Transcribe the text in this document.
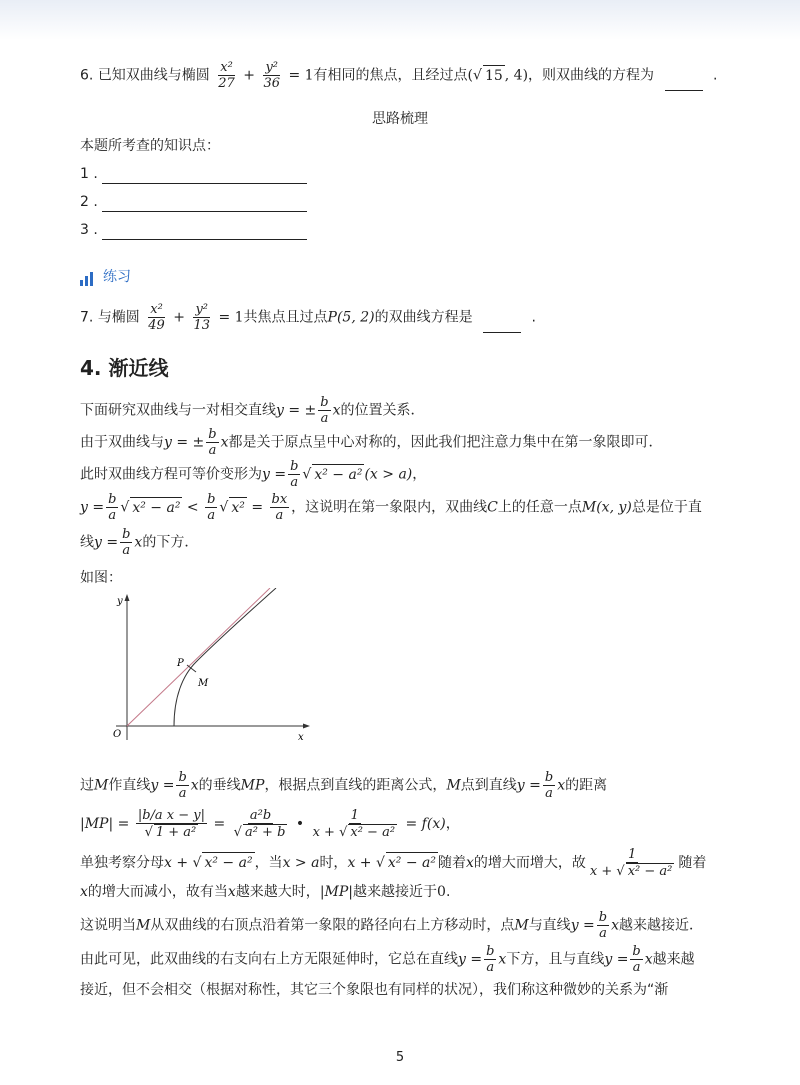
6. 已知双曲线与椭圆 $\frac{\text{x²}}{27} + \frac{\text{y²}}{36} = 1$有相同的焦点，且经过点(√ 15 , 4)，则双曲线的方程为	.
思路梳理
本题所考查的知识点：
1 .
2 .
3 .
练习
7. 与椭圆 $\frac{\text{x²}}{49} + \frac{\text{y²}}{13} = 1$共焦点且过点P(5, 2)的双曲线方程是	.
4. 渐近线
下面研究双曲线与一对相交直线y = ± $\frac{b}{a}$ x的位置关系．
由于双曲线与y = ± $\frac{b}{a}$ x都是关于原点呈中心对称的，因此我们把注意力集中在第一象限即可．
此时双曲线方程可等价变形为$y = \frac{b}{a}$ √ x² − a² (x > a)，
$y = \frac{b}{a}$ √ $x^2 - a^2 < \frac{b}{a}$ √ $x^2 = \frac{bx}{a}$ ，这说明在第一象限内，双曲线C上的任意一点M(x, y)总是位于直
线$y = \frac{b}{a}$ x的下方．
如图：
y
x
O
P
M
过M作直线$y = \frac{b}{a}$ x的垂线MP，根据点到直线的距离公式，M点到直线$y = \frac{b}{a}$ x的距离
$|MP| = \frac{\text{|b/a x − y|}}{\text{√ 1 + a²}} = \frac{\text{a²b}}{\text{√ a² + b}}$ • $\frac{1}{\text{x + √ x² − a²}} = f(x)$，
单独考察分母x + √ x² − a² ，当x > a时，x + √ x² − a² 随着x的增大而增大，故 $\frac{1}{\text{x + √ x² − a²}}$ 随着
x的增大而减小，故有当x越来越大时，|MP|越来越接近于0.
这说明当M从双曲线的右顶点沿着第一象限的路径向右上方移动时，点M与直线$y = \frac{b}{a}$ x越来越接近．
由此可见，此双曲线的右支向右上方无限延伸时，它总在直线$y = \frac{b}{a}$ x下方，且与直线$y = \frac{b}{a}$ x越来越
接近，但不会相交（根据对称性，其它三个象限也有同样的状况），我们称这种微妙的关系为“渐
5
